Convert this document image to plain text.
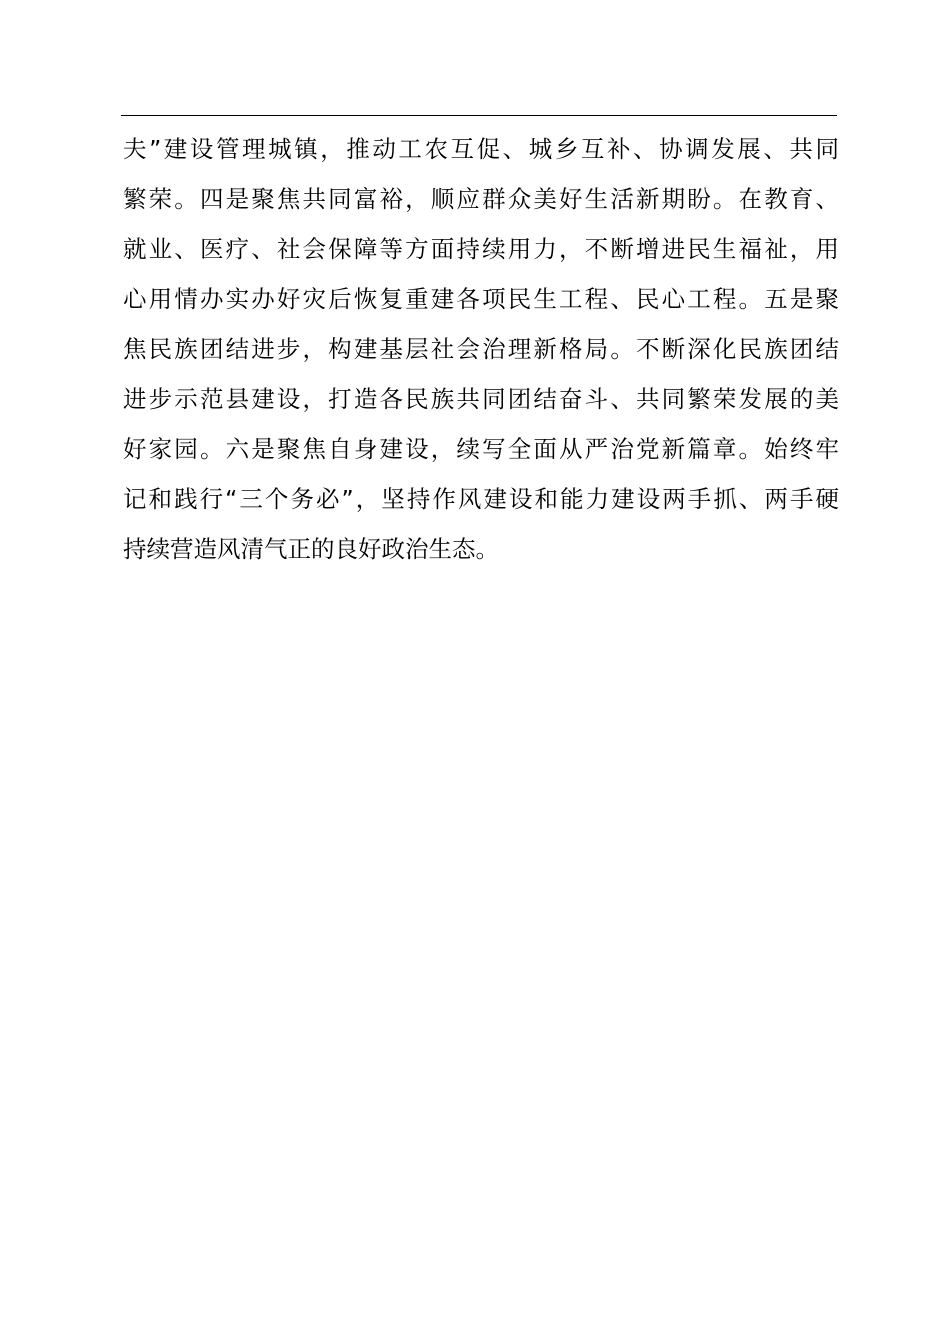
夫”建设管理城镇，推动工农互促、城乡互补、协调发展、共同
繁荣。四是聚焦共同富裕，顺应群众美好生活新期盼。在教育、
就业、医疗、社会保障等方面持续用力，不断增进民生福祉，用
心用情办实办好灾后恢复重建各项民生工程、民心工程。五是聚
焦民族团结进步，构建基层社会治理新格局。不断深化民族团结
进步示范县建设，打造各民族共同团结奋斗、共同繁荣发展的美
好家园。六是聚焦自身建设，续写全面从严治党新篇章。始终牢
记和践行“三个务必”，坚持作风建设和能力建设两手抓、两手硬
持续营造风清气正的良好政治生态。
